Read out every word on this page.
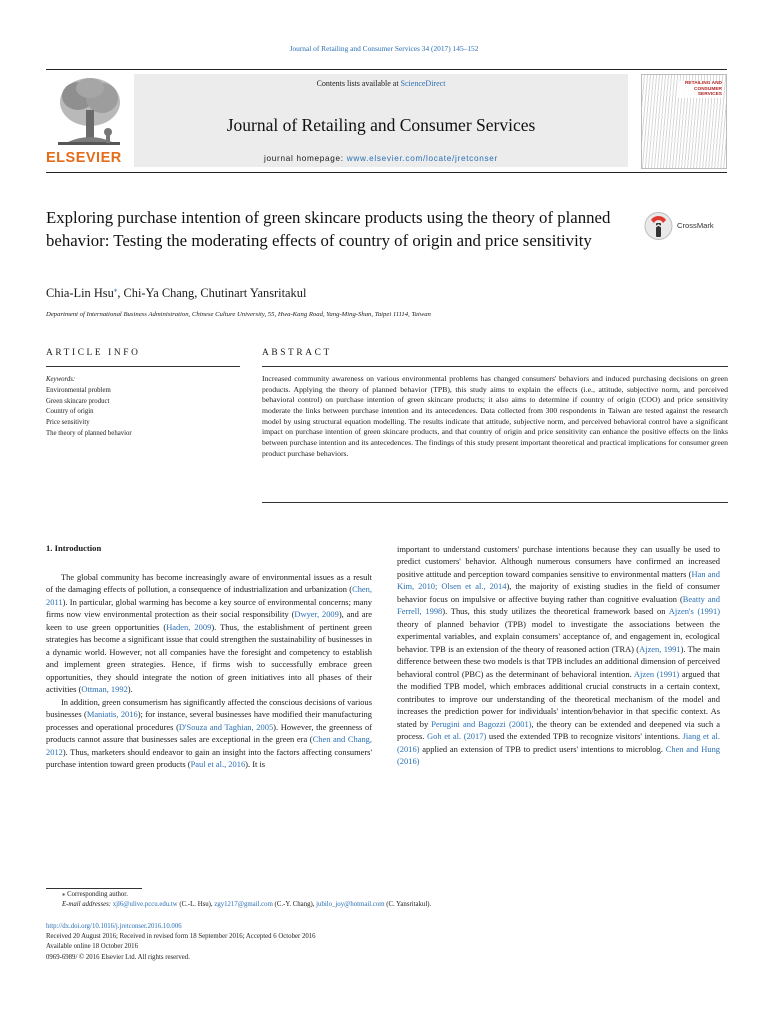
Journal of Retailing and Consumer Services 34 (2017) 145–152
ELSEVIER
Contents lists available at ScienceDirect
Journal of Retailing and Consumer Services
journal homepage: www.elsevier.com/locate/jretconser
RETAILING AND CONSUMER SERVICES
Exploring purchase intention of green skincare products using the theory of planned behavior: Testing the moderating effects of country of origin and price sensitivity
CrossMark
Chia-Lin Hsu⁎, Chi-Ya Chang, Chutinart Yansritakul
Department of International Business Administration, Chinese Culture University, 55, Hwa-Kang Road, Yang-Ming-Shan, Taipei 11114, Taiwan
ARTICLE INFO	ABSTRACT
Keywords:
Environmental problem
Green skincare product
Country of origin
Price sensitivity
The theory of planned behavior
Increased community awareness on various environmental problems has changed consumers' behaviors and induced purchasing decisions on green products. Applying the theory of planned behavior (TPB), this study aims to explain the effects (i.e., attitude, subjective norm, and perceived behavioral control) on purchase intention of green skincare products; it also aims to determine if country of origin (COO) and price sensitivity moderate the links between purchase intention and its antecedences. Data collected from 300 respondents in Taiwan are tested against the research model by using structural equation modelling. The results indicate that attitude, subjective norm, and perceived behavioral control have a significant impact on purchase intention of green skincare products, and that country of origin and price sensitivity can enhance the positive effects on the links between purchase intention and its antecedences. The findings of this study present important theoretical and practical implications for consumer green product purchase behaviors.
1. Introduction

The global community has become increasingly aware of environmental issues as a result of the damaging effects of pollution, a consequence of industrialization and urbanization (Chen, 2011). In particular, global warming has become a key source of environmental concerns; many firms now view environmental protection as their social responsibility (Dwyer, 2009), and are keen to use green opportunities (Haden, 2009). Thus, the establishment of pertinent green strategies has become a significant issue that could strengthen the sustainability of businesses in a dynamic world. However, not all companies have the foresight and competency to establish and implement green strategies. Hence, if firms wish to successfully embrace green opportunities, they should integrate the notion of green initiatives into all phases of their activities (Ottman, 1992).

In addition, green consumerism has significantly affected the conscious decisions of various businesses (Maniatis, 2016); for instance, several businesses have modified their manufacturing processes and operational procedures (D'Souza and Taghian, 2005). However, the greenness of products cannot assure that businesses sales are exceptional in the green era (Chen and Chang, 2012). Thus, marketers should endeavor to gain an insight into the factors affecting consumers' purchase intention toward green products (Paul et al., 2016). It is

important to understand customers' purchase intentions because they can usually be used to predict customers' behavior. Although numerous consumers have confirmed an increased positive attitude and perception toward companies sensitive to environmental matters (Han and Kim, 2010; Olsen et al., 2014), the majority of existing studies in the field of consumer behavior focus on impulsive or affective buying rather than cognitive evaluation (Beatty and Ferrell, 1998). Thus, this study utilizes the theoretical framework based on Ajzen's (1991) theory of planned behavior (TPB) model to investigate the associations between the experimental variables, and explain consumers' acceptance of, and engagement in, ecological behavior. TPB is an extension of the theory of reasoned action (TRA) (Ajzen, 1991). The main difference between these two models is that TPB includes an additional dimension of perceived behavioral control (PBC) as the determinant of behavioral intention. Ajzen (1991) argued that the modified TPB model, which embraces additional crucial constructs in a certain context, contributes to improve our understanding of the theoretical mechanism of the model and increases the prediction power for individuals' intention/behavior in that specific context. As stated by Perugini and Bagozzi (2001), the theory can be extended and deepened via such a process. Goh et al. (2017) used the extended TPB to recognize visitors' intentions. Jiang et al. (2016) applied an extension of TPB to predict users' intentions to microblog. Chen and Hung (2016)

⁎ Corresponding author.
E-mail addresses: xjl6@ulive.pccu.edu.tw (C.-L. Hsu), zgy1217@gmail.com (C.-Y. Chang), jubilo_joy@hotmail.com (C. Yansritakul).
http://dx.doi.org/10.1016/j.jretconser.2016.10.006
Received 20 August 2016; Received in revised form 18 September 2016; Accepted 6 October 2016
Available online 18 October 2016
0969-6989/ © 2016 Elsevier Ltd. All rights reserved.
